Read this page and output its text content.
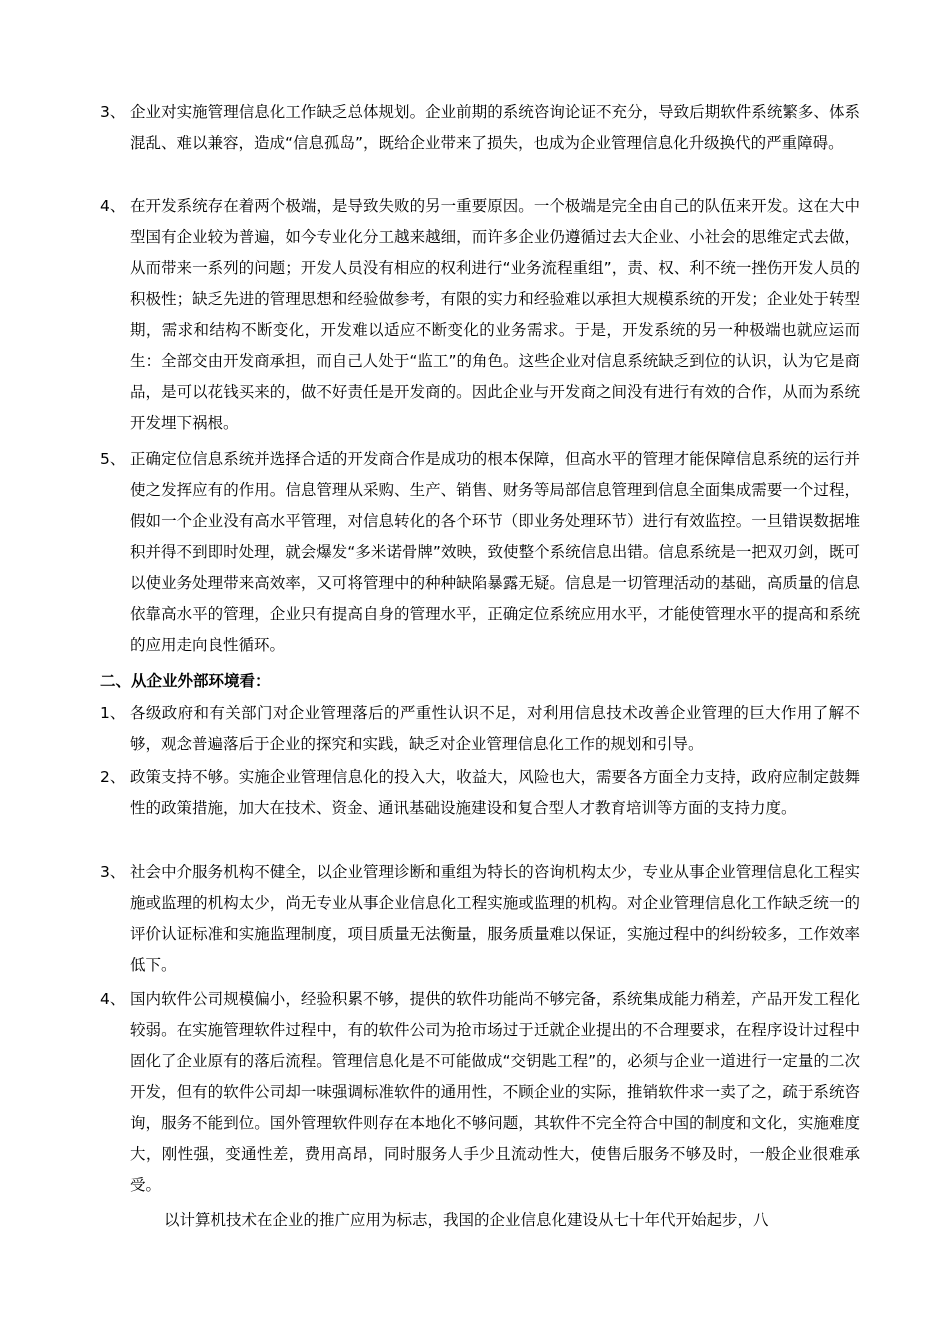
3、 企业对实施管理信息化工作缺乏总体规划。企业前期的系统咨询论证不充分，导致后期软件系统繁多、体系混乱、难以兼容，造成“信息孤岛”，既给企业带来了损失，也成为企业管理信息化升级换代的严重障碍。
4、 在开发系统存在着两个极端，是导致失败的另一重要原因。一个极端是完全由自己的队伍来开发。这在大中型国有企业较为普遍，如今专业化分工越来越细，而许多企业仍遵循过去大企业、小社会的思维定式去做，从而带来一系列的问题；开发人员没有相应的权利进行“业务流程重组”，责、权、利不统一挫伤开发人员的积极性；缺乏先进的管理思想和经验做参考，有限的实力和经验难以承担大规模系统的开发；企业处于转型期，需求和结构不断变化，开发难以适应不断变化的业务需求。于是，开发系统的另一种极端也就应运而生：全部交由开发商承担，而自己人处于“监工”的角色。这些企业对信息系统缺乏到位的认识，认为它是商品，是可以花钱买来的，做不好责任是开发商的。因此企业与开发商之间没有进行有效的合作，从而为系统开发埋下祸根。
5、 正确定位信息系统并选择合适的开发商合作是成功的根本保障，但高水平的管理才能保障信息系统的运行并使之发挥应有的作用。信息管理从采购、生产、销售、财务等局部信息管理到信息全面集成需要一个过程，假如一个企业没有高水平管理，对信息转化的各个环节（即业务处理环节）进行有效监控。一旦错误数据堆积并得不到即时处理，就会爆发“多米诺骨牌”效映，致使整个系统信息出错。信息系统是一把双刃剑，既可以使业务处理带来高效率，又可将管理中的种种缺陷暴露无疑。信息是一切管理活动的基础，高质量的信息依靠高水平的管理，企业只有提高自身的管理水平，正确定位系统应用水平，才能使管理水平的提高和系统的应用走向良性循环。
二、从企业外部环境看：
1、 各级政府和有关部门对企业管理落后的严重性认识不足，对利用信息技术改善企业管理的巨大作用了解不够，观念普遍落后于企业的探究和实践，缺乏对企业管理信息化工作的规划和引导。
2、 政策支持不够。实施企业管理信息化的投入大，收益大，风险也大，需要各方面全力支持，政府应制定鼓舞性的政策措施，加大在技术、资金、通讯基础设施建设和复合型人才教育培训等方面的支持力度。
3、 社会中介服务机构不健全，以企业管理诊断和重组为特长的咨询机构太少，专业从事企业管理信息化工程实施或监理的机构太少，尚无专业从事企业信息化工程实施或监理的机构。对企业管理信息化工作缺乏统一的评价认证标准和实施监理制度，项目质量无法衡量，服务质量难以保证，实施过程中的纠纷较多，工作效率低下。
4、 国内软件公司规模偏小，经验积累不够，提供的软件功能尚不够完备，系统集成能力稍差，产品开发工程化较弱。在实施管理软件过程中，有的软件公司为抢市场过于迁就企业提出的不合理要求，在程序设计过程中固化了企业原有的落后流程。管理信息化是不可能做成“交钥匙工程”的，必须与企业一道进行一定量的二次开发，但有的软件公司却一味强调标准软件的通用性，不顾企业的实际，推销软件求一卖了之，疏于系统咨询，服务不能到位。国外管理软件则存在本地化不够问题，其软件不完全符合中国的制度和文化，实施难度大，刚性强，变通性差，费用高昂，同时服务人手少且流动性大，使售后服务不够及时，一般企业很难承受。
以计算机技术在企业的推广应用为标志，我国的企业信息化建设从七十年代开始起步，八
